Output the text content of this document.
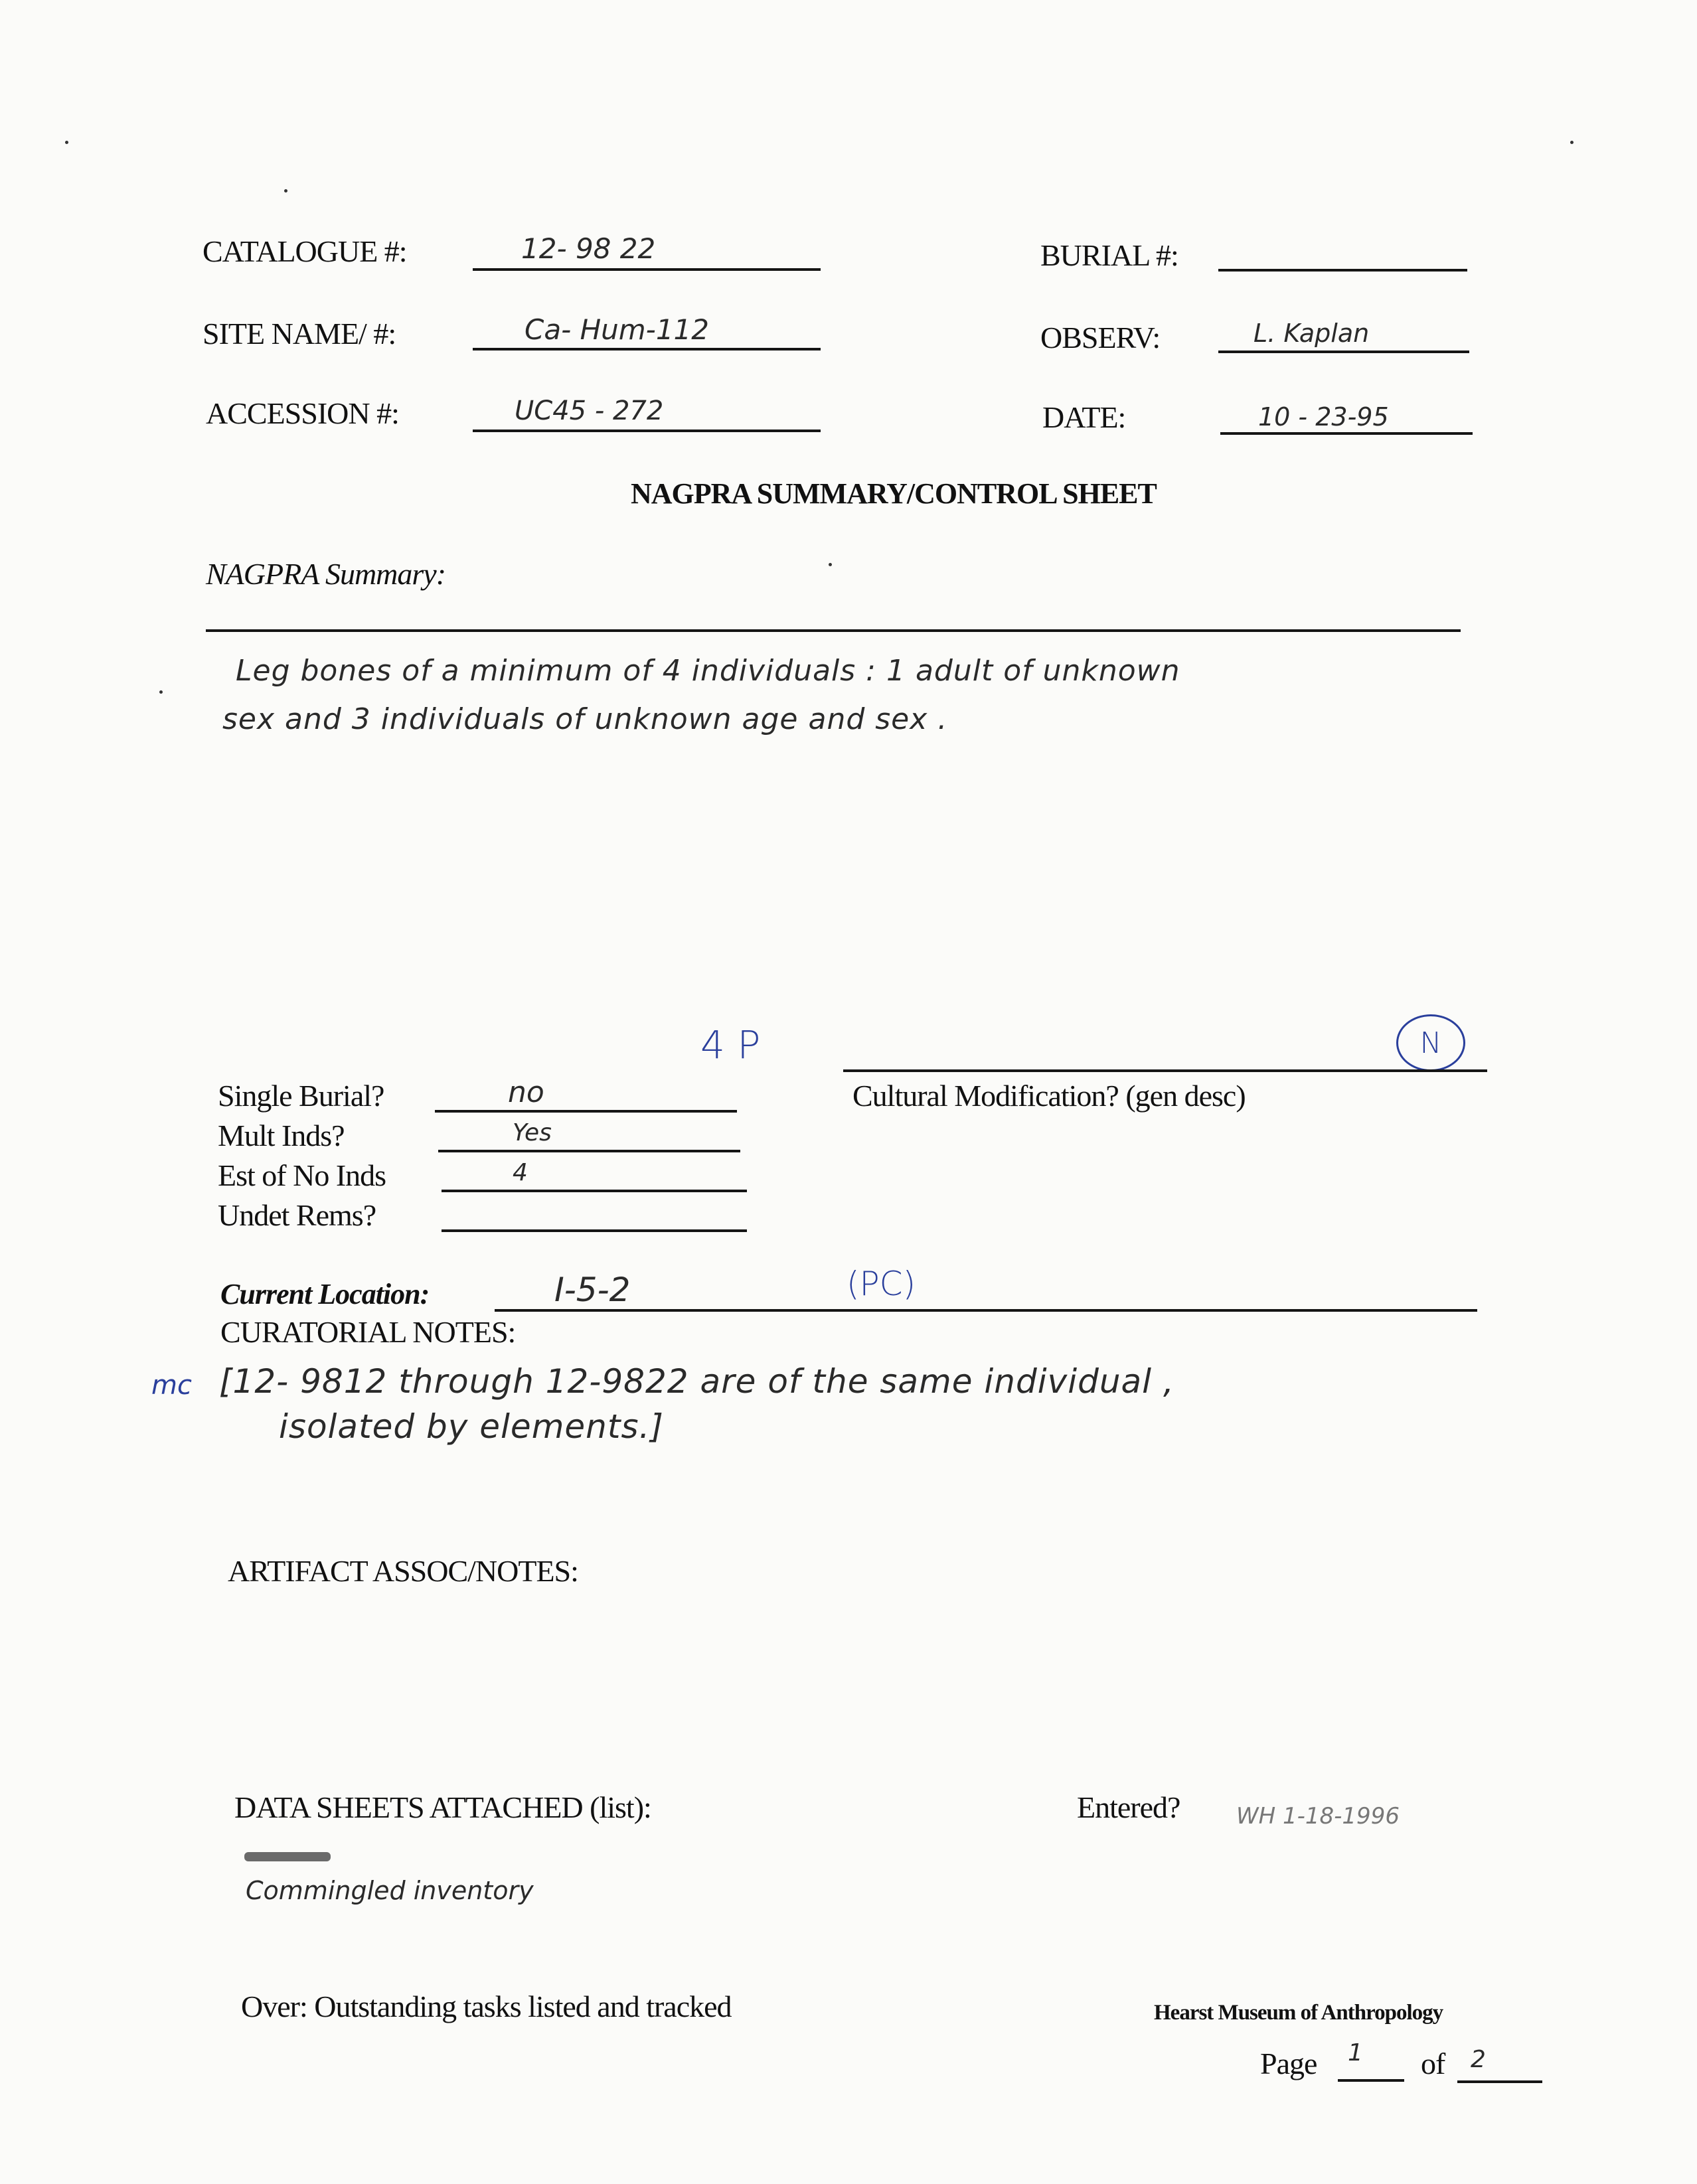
CATALOGUE #:	12- 98 22	BURIAL #:
SITE NAME/ #:	Ca- Hum-112	OBSERV:	L. Kaplan
ACCESSION #:	UC45 - 272	DATE:	10 - 23-95
NAGPRA SUMMARY/CONTROL SHEET
NAGPRA Summary:
Leg bones of a minimum of 4 individuals : 1 adult of unknown
sex and 3 individuals of unknown age and sex .
4 P	N
Single Burial?	no
Mult Inds?	Yes
Est of No Inds	4
Undet Rems?
Cultural Modification? (gen desc)
Current Location:	I-5-2	(PC)
CURATORIAL NOTES:
mc [12- 9812 through 12-9822 are of the same individual ,
isolated by elements.]
ARTIFACT ASSOC/NOTES:
DATA SHEETS ATTACHED (list):
Commingled inventory
Entered? WH 1-18-1996
Over: Outstanding tasks listed and tracked	Hearst Museum of Anthropology
Page 1 of 2
